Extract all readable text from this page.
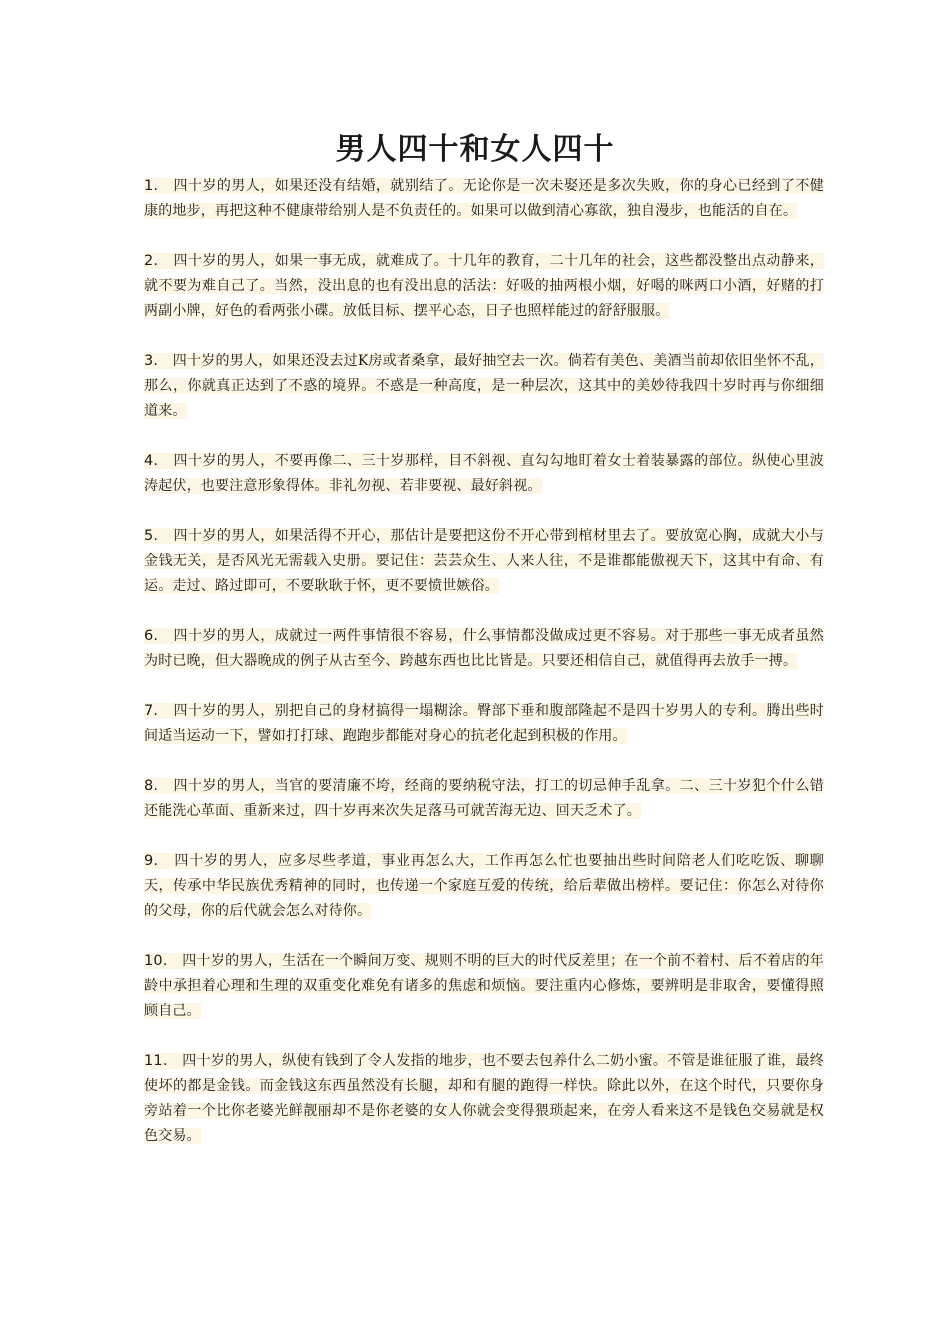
男人四十和女人四十

1. 四十岁的男人，如果还没有结婚，就别结了。无论你是一次未娶还是多次失败，你的身心已经到了不健康的地步，再把这种不健康带给别人是不负责任的。如果可以做到清心寡欲，独自漫步，也能活的自在。

2. 四十岁的男人，如果一事无成，就难成了。十几年的教育，二十几年的社会，这些都没整出点动静来，就不要为难自己了。当然，没出息的也有没出息的活法：好吸的抽两根小烟，好喝的咪两口小酒，好赌的打两副小牌，好色的看两张小碟。放低目标、摆平心态，日子也照样能过的舒舒服服。

3. 四十岁的男人，如果还没去过K房或者桑拿，最好抽空去一次。倘若有美色、美酒当前却依旧坐怀不乱，那么，你就真正达到了不惑的境界。不惑是一种高度，是一种层次，这其中的美妙待我四十岁时再与你细细道来。

4. 四十岁的男人，不要再像二、三十岁那样，目不斜视、直勾勾地盯着女士着装暴露的部位。纵使心里波涛起伏，也要注意形象得体。非礼勿视、若非要视、最好斜视。

5. 四十岁的男人，如果活得不开心，那估计是要把这份不开心带到棺材里去了。要放宽心胸，成就大小与金钱无关，是否风光无需载入史册。要记住：芸芸众生、人来人往，不是谁都能傲视天下，这其中有命、有运。走过、路过即可，不要耿耿于怀，更不要愤世嫉俗。

6. 四十岁的男人，成就过一两件事情很不容易，什么事情都没做成过更不容易。对于那些一事无成者虽然为时已晚，但大器晚成的例子从古至今、跨越东西也比比皆是。只要还相信自己，就值得再去放手一搏。

7. 四十岁的男人，别把自己的身材搞得一塌糊涂。臀部下垂和腹部隆起不是四十岁男人的专利。腾出些时间适当运动一下，譬如打打球、跑跑步都能对身心的抗老化起到积极的作用。

8. 四十岁的男人，当官的要清廉不垮，经商的要纳税守法，打工的切忌伸手乱拿。二、三十岁犯个什么错还能洗心革面、重新来过，四十岁再来次失足落马可就苦海无边、回天乏术了。

9. 四十岁的男人，应多尽些孝道，事业再怎么大，工作再怎么忙也要抽出些时间陪老人们吃吃饭、聊聊天，传承中华民族优秀精神的同时，也传递一个家庭互爱的传统，给后辈做出榜样。要记住：你怎么对待你的父母，你的后代就会怎么对待你。

10. 四十岁的男人，生活在一个瞬间万变、规则不明的巨大的时代反差里；在一个前不着村、后不着店的年龄中承担着心理和生理的双重变化难免有诸多的焦虑和烦恼。要注重内心修炼，要辨明是非取舍，要懂得照顾自己。

11. 四十岁的男人，纵使有钱到了令人发指的地步，也不要去包养什么二奶小蜜。不管是谁征服了谁，最终使坏的都是金钱。而金钱这东西虽然没有长腿，却和有腿的跑得一样快。除此以外，在这个时代，只要你身旁站着一个比你老婆光鲜靓丽却不是你老婆的女人你就会变得猥琐起来，在旁人看来这不是钱色交易就是权色交易。
